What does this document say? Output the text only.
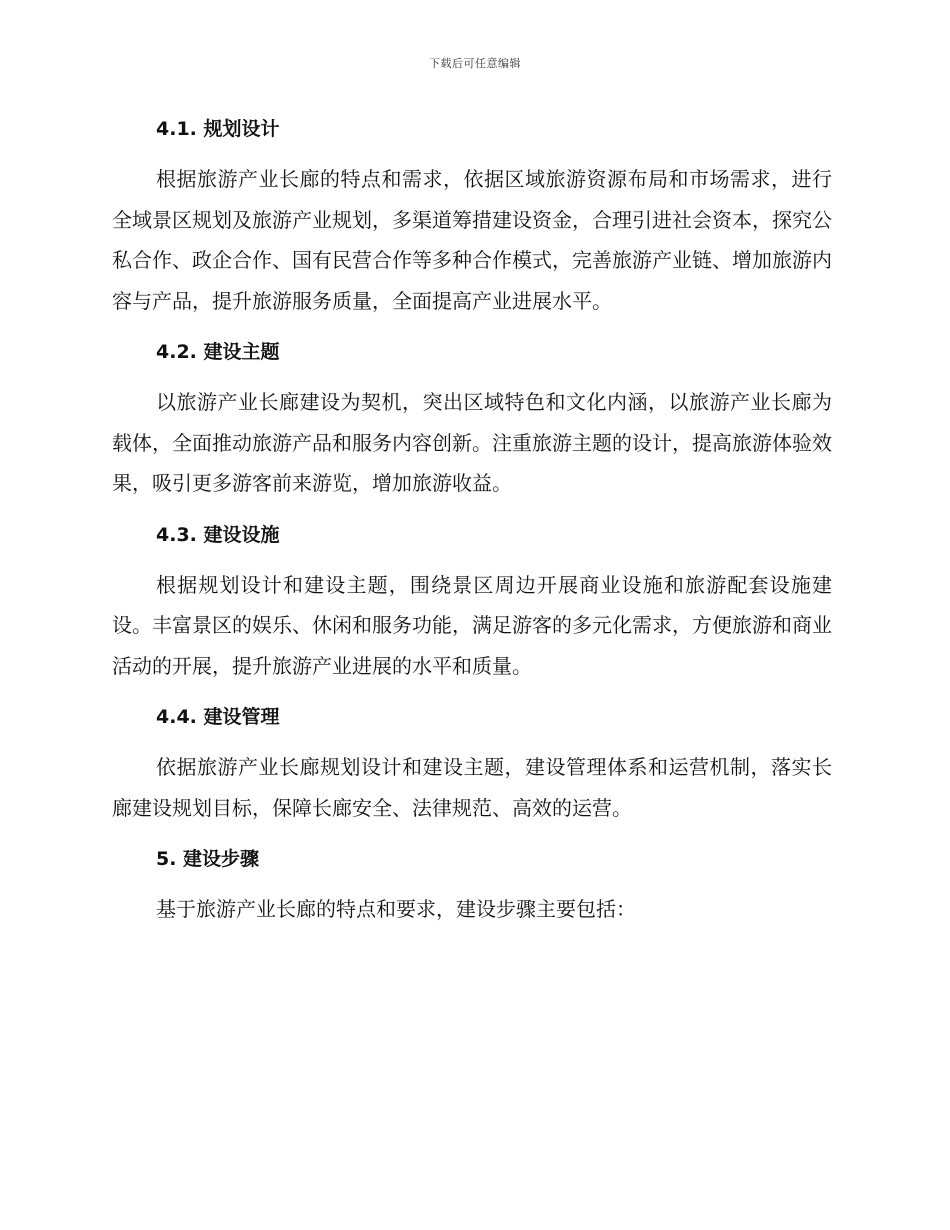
下载后可任意编辑
4.1. 规划设计

根据旅游产业长廊的特点和需求，依据区域旅游资源布局和市场需求，进行全域景区规划及旅游产业规划，多渠道筹措建设资金，合理引进社会资本，探究公私合作、政企合作、国有民营合作等多种合作模式，完善旅游产业链、增加旅游内容与产品，提升旅游服务质量，全面提高产业进展水平。

4.2. 建设主题

以旅游产业长廊建设为契机，突出区域特色和文化内涵，以旅游产业长廊为载体，全面推动旅游产品和服务内容创新。注重旅游主题的设计，提高旅游体验效果，吸引更多游客前来游览，增加旅游收益。

4.3. 建设设施

根据规划设计和建设主题，围绕景区周边开展商业设施和旅游配套设施建设。丰富景区的娱乐、休闲和服务功能，满足游客的多元化需求，方便旅游和商业活动的开展，提升旅游产业进展的水平和质量。

4.4. 建设管理

依据旅游产业长廊规划设计和建设主题，建设管理体系和运营机制，落实长廊建设规划目标，保障长廊安全、法律规范、高效的运营。

5. 建设步骤

基于旅游产业长廊的特点和要求，建设步骤主要包括：
